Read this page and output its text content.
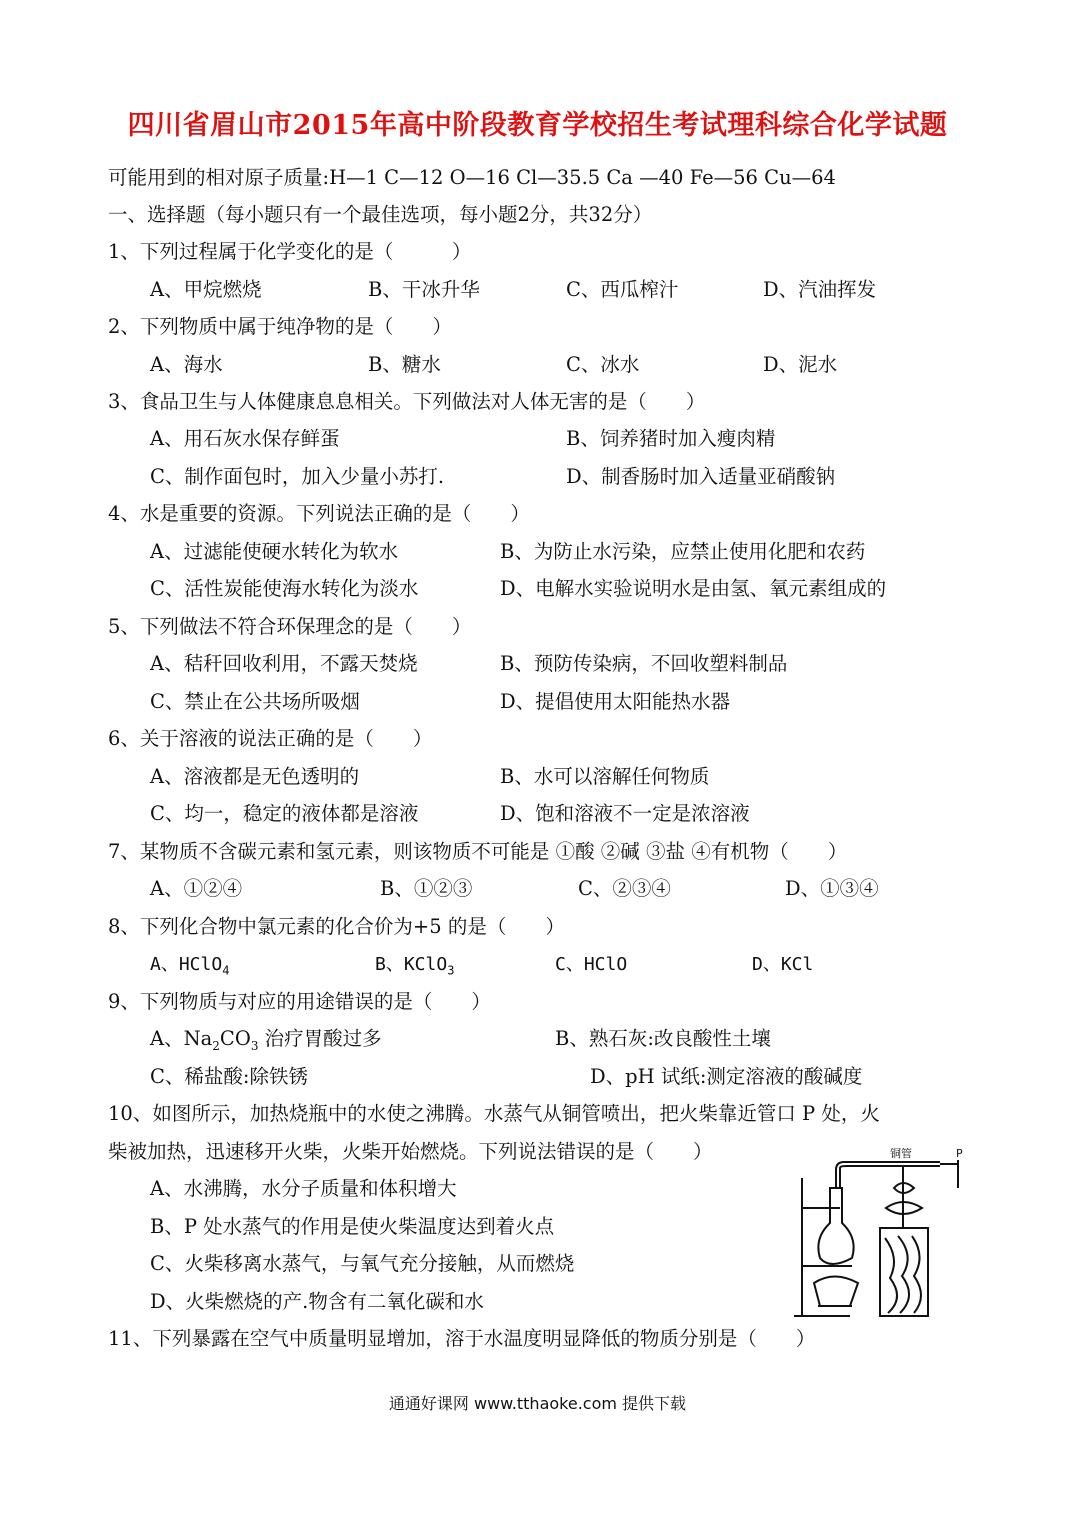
四川省眉山市2015年高中阶段教育学校招生考试理科综合化学试题
可能用到的相对原子质量:H—1 C—12 O—16 Cl—35.5 Ca —40 Fe—56 Cu—64
一、选择题（每小题只有一个最佳选项，每小题2分，共32分）
1、下列过程属于化学变化的是（　　　）
A、甲烷燃烧	B、干冰升华	C、西瓜榨汁	D、汽油挥发
2、下列物质中属于纯净物的是（　　）
A、海水	B、糖水	C、冰水	D、泥水
3、食品卫生与人体健康息息相关。下列做法对人体无害的是（　　）
A、用石灰水保存鲜蛋	B、饲养猪时加入瘦肉精
C、制作面包时，加入少量小苏打.	D、制香肠时加入适量亚硝酸钠
4、水是重要的资源。下列说法正确的是（　　）
A、过滤能使硬水转化为软水	B、为防止水污染，应禁止使用化肥和农药
C、活性炭能使海水转化为淡水	D、电解水实验说明水是由氢、氧元素组成的
5、下列做法不符合环保理念的是（　　）
A、秸秆回收利用，不露天焚烧	B、预防传染病，不回收塑料制品
C、禁止在公共场所吸烟	D、提倡使用太阳能热水器
6、关于溶液的说法正确的是（　　）
A、溶液都是无色透明的	B、水可以溶解任何物质
C、均一，稳定的液体都是溶液	D、饱和溶液不一定是浓溶液
7、某物质不含碳元素和氢元素，则该物质不可能是 ①酸 ②碱 ③盐 ④有机物（　　）
A、①②④	B、①②③	C、②③④	D、①③④
8、下列化合物中氯元素的化合价为+5 的是（　　）
A、HClO$_4$	B、KClO$_3$	C、HClO	D、KCl
9、下列物质与对应的用途错误的是（　　）
A、$Na_2CO_3$ 治疗胃酸过多	B、熟石灰:改良酸性土壤
C、稀盐酸:除铁锈	D、pH 试纸:测定溶液的酸碱度
10、如图所示，加热烧瓶中的水使之沸腾。水蒸气从铜管喷出，把火柴靠近管口 P 处，火
柴被加热，迅速移开火柴，火柴开始燃烧。下列说法错误的是（　　）
A、水沸腾，水分子质量和体积增大
B、P 处水蒸气的作用是使火柴温度达到着火点
C、火柴移离水蒸气，与氧气充分接触，从而燃烧
D、火柴燃烧的产.物含有二氧化碳和水
铜管	P
11、下列暴露在空气中质量明显增加，溶于水温度明显降低的物质分别是（　　）
通通好课网 www.tthaoke.com 提供下载
